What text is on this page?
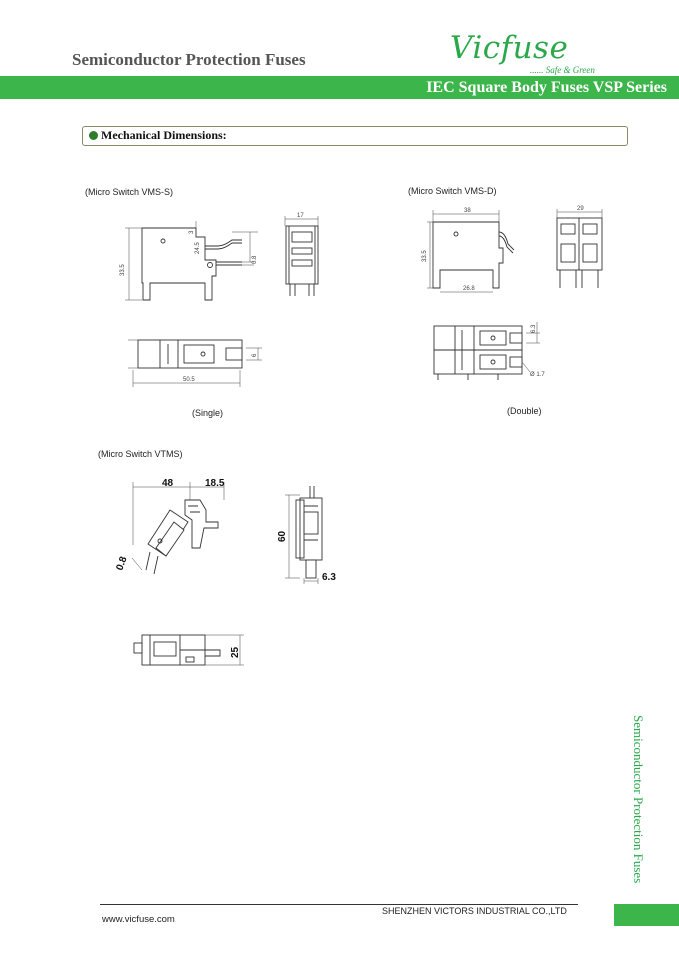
Semiconductor Protection Fuses	Vicfuse
...... Safe & Green
IEC Square Body Fuses VSP Series
Mechanical Dimensions:
(Micro Switch VMS-S)	(Micro Switch VMS-D)
(Single)	(Double)
(Micro Switch VTMS)
33.5
24.5
3
0.8
17
50.5
6
38
33.5
26.8
29
6.3
Ø 1.7
48	18.5
0.8
60
6.3
25
Semiconductor Protection Fuses
SHENZHEN VICTORS INDUSTRIAL CO.,LTD
www.vicfuse.com
